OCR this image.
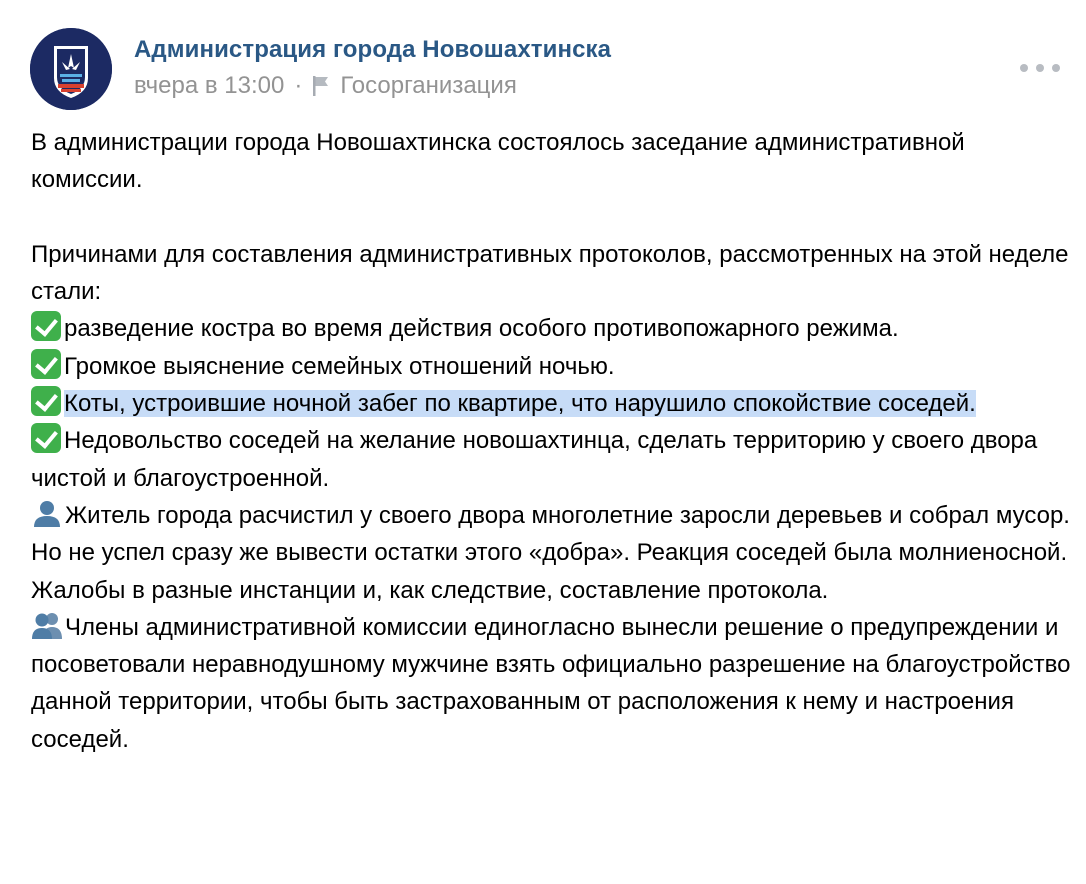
Администрация города Новошахтинска
вчера в 13:00 · Госорганизация

В администрации города Новошахтинска состоялось заседание административной комиссии.

Причинами для составления административных протоколов, рассмотренных на этой неделе стали:

разведение костра во время действия особого противопожарного режима.

Громкое выяснение семейных отношений ночью.

Коты, устроившие ночной забег по квартире, что нарушило спокойствие соседей.

Недовольство соседей на желание новошахтинца, сделать территорию у своего двора чистой и благоустроенной.

Житель города расчистил у своего двора многолетние заросли деревьев и собрал мусор. Но не успел сразу же вывести остатки этого «добра». Реакция соседей была молниеносной. Жалобы в разные инстанции и, как следствие, составление протокола.

Члены административной комиссии единогласно вынесли решение о предупреждении и посоветовали неравнодушному мужчине взять официально разрешение на благоустройство данной территории, чтобы быть застрахованным от расположения к нему и настроения соседей.
